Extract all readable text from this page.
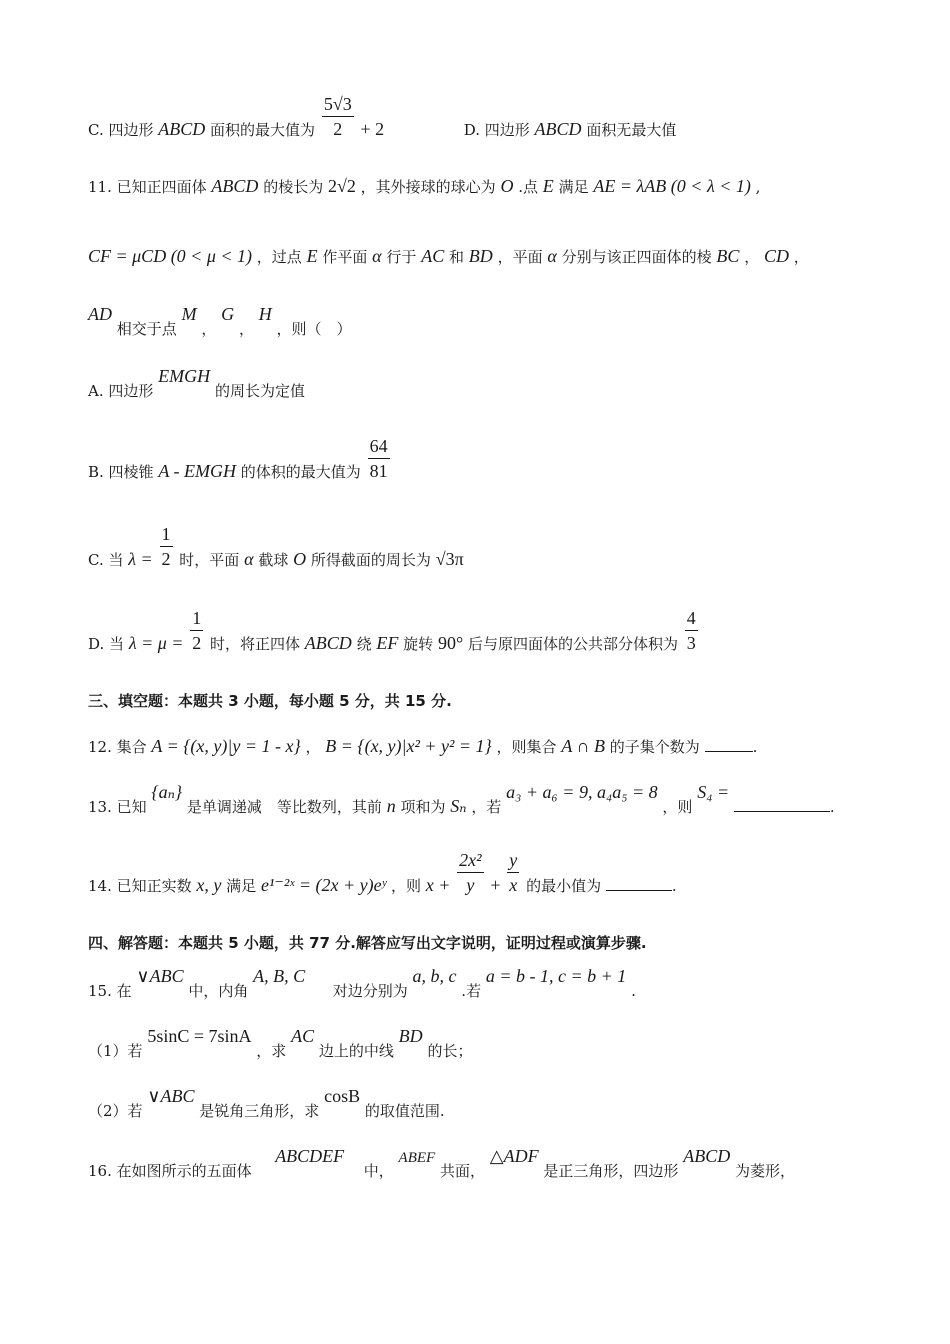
C. 四边形 ABCD 面积的最大值为 $\frac{5√3}{2} + 2$	D. 四边形 ABCD 面积无最大值
11. 已知正四面体 ABCD 的棱长为 2√2 ，其外接球的球心为 O .点 E 满足 AE = λAB (0 < λ < 1) ,
CF = μCD (0 < μ < 1) ，过点 E 作平面 α 行于 AC 和 BD ，平面 α 分别与该正四面体的棱 BC ， CD ，
AD 相交于点 M ， G ， H ，则（　）
A. 四边形 EMGH 的周长为定值
B. 四棱锥 A - EMGH 的体积的最大值为 $\frac{64}{81}$
C. 当 $\lambda = \frac{1}{2}$ 时，平面 α 截球 O 所得截面的周长为 √3π
D. 当 $\lambda = \mu = \frac{1}{2}$ 时，将正四体 ABCD 绕 EF 旋转 90° 后与原四面体的公共部分体积为 $\frac{4}{3}$
三、填空题：本题共 3 小题，每小题 5 分，共 15 分.
12. 集合 A = {(x, y)|y = 1 - x} ， B = {(x, y)|x² + y² = 1} ，则集合 A ∩ B 的子集个数为	.
13. 已知 {aₙ} 是单调递减　等比数列，其前 n 项和为 Sₙ ，若 a₃ + a₆ = 9, a₄a₅ = 8 ，则 S₄ = .
14. 已知正实数 x, y 满足 e¹⁻²ˣ = (2x + y)eʸ ，则 $x + \frac{\text{2x²}}{y} + \frac{y}{x}$ 的最小值为	.
四、解答题：本题共 5 小题，共 77 分.解答应写出文字说明，证明过程或演算步骤.
15. 在 ∨ABC 中，内角 A, B, C  对边分别为 a, b, c .若 a = b - 1, c = b + 1 .
（1）若 5sinC = 7sinA ，求 AC 边上的中线 BD 的长；
（2）若 ∨ABC 是锐角三角形，求 cosB 的取值范围.
16. 在如图所示的五面体  ABCDEF  中， ABEF 共面， △ADF 是正三角形，四边形 ABCD 为菱形，
